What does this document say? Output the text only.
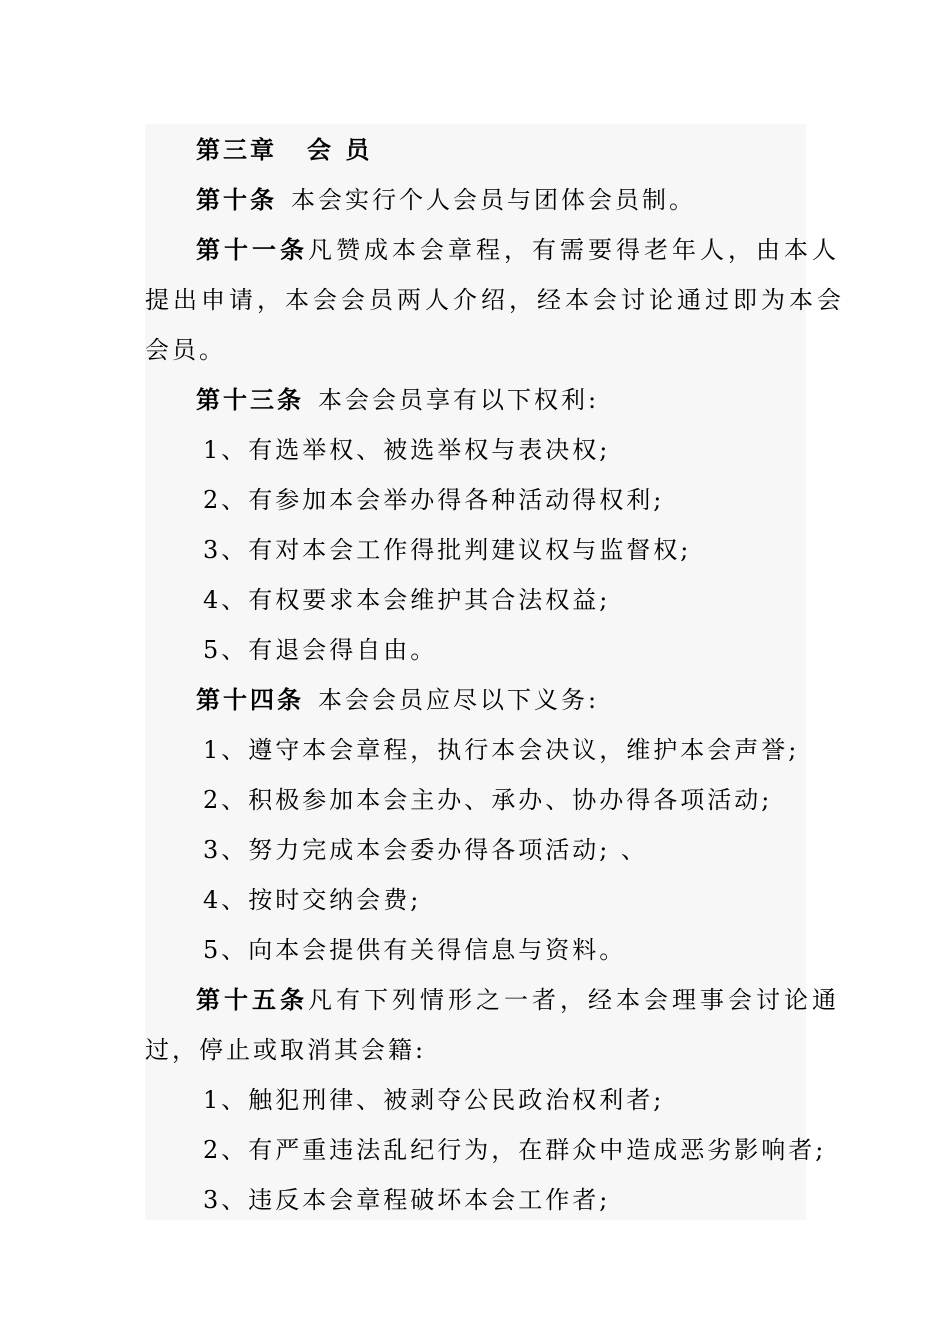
第三章 会 员
第十条 本会实行个人会员与团体会员制。
第十一条凡赞成本会章程，有需要得老年人，由本人
提出申请，本会会员两人介绍，经本会讨论通过即为本会
会员。
第十三条 本会会员享有以下权利:
1、有选举权、被选举权与表决权;
2、有参加本会举办得各种活动得权利;
3、有对本会工作得批判建议权与监督权;
4、有权要求本会维护其合法权益;
5、有退会得自由。
第十四条 本会会员应尽以下义务:
1、遵守本会章程，执行本会决议，维护本会声誉;
2、积极参加本会主办、承办、协办得各项活动;
3、努力完成本会委办得各项活动; 、
4、按时交纳会费;
5、向本会提供有关得信息与资料。
第十五条凡有下列情形之一者，经本会理事会讨论通
过，停止或取消其会籍:
1、触犯刑律、被剥夺公民政治权利者;
2、有严重违法乱纪行为，在群众中造成恶劣影响者;
3、违反本会章程破坏本会工作者;
